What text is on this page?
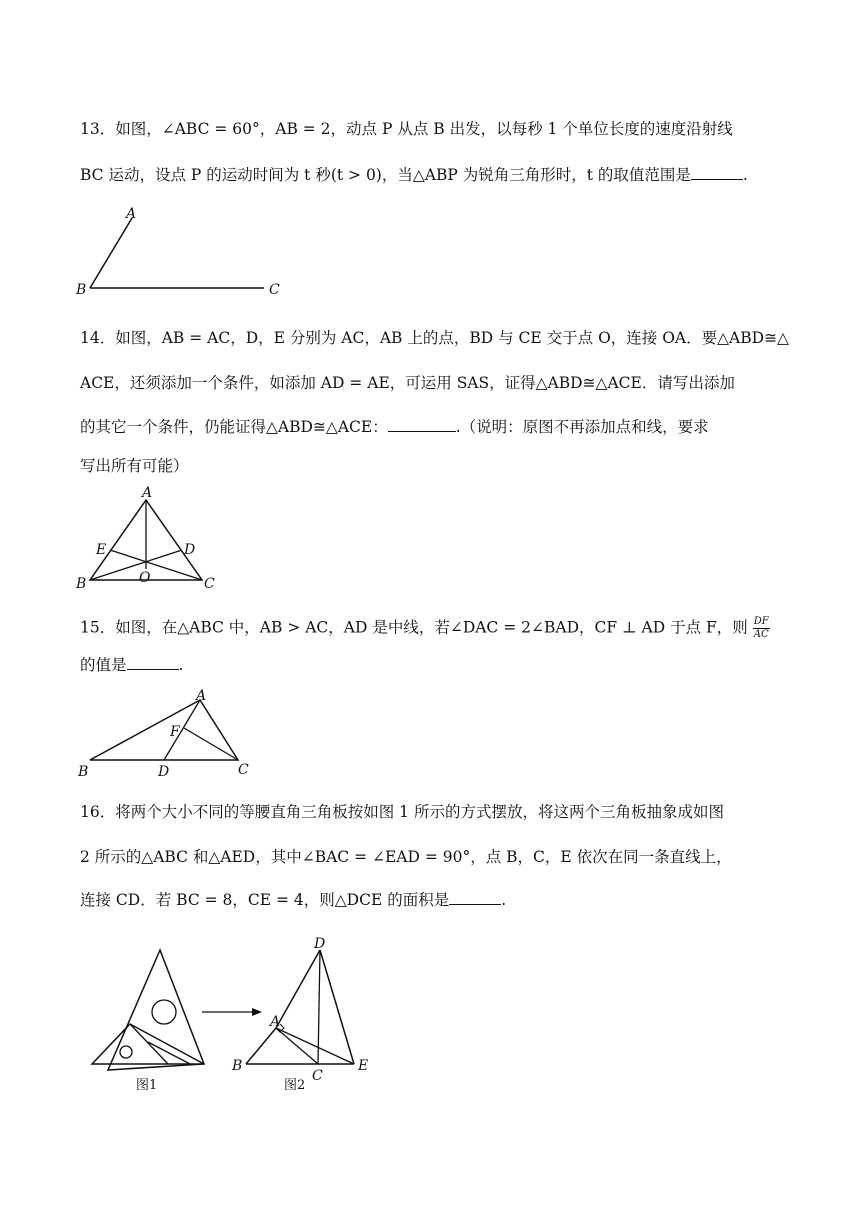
13．如图，∠ABC = 60°，AB = 2，动点 P 从点 B 出发，以每秒 1 个单位长度的速度沿射线
BC 运动，设点 P 的运动时间为 t 秒(t > 0)，当△ABP 为锐角三角形时，t 的取值范围是	.
A
B	C
14．如图，AB = AC，D，E 分别为 AC，AB 上的点，BD 与 CE 交于点 O，连接 OA．要△ABD≅△
ACE，还须添加一个条件，如添加 AD = AE，可运用 SAS，证得△ABD≅△ACE．请写出添加
的其它一个条件，仍能证得△ABD≅△ACE：	.（说明：原图不再添加点和线，要求
写出所有可能）
A
B	C
D
E
O
15．如图，在△ABC 中，AB > AC，AD 是中线，若∠DAC = 2∠BAD，CF ⊥ AD 于点 F，则 $\frac{DF}{AC}$
的值是	.
A
B	C
D
F
16．将两个大小不同的等腰直角三角板按如图 1 所示的方式摆放，将这两个三角板抽象成如图
2 所示的△ABC 和△AED，其中∠BAC = ∠EAD = 90°，点 B，C，E 依次在同一条直线上，
连接 CD．若 BC = 8，CE = 4，则△DCE 的面积是	.
图1
D
A
B
C
E
图2
